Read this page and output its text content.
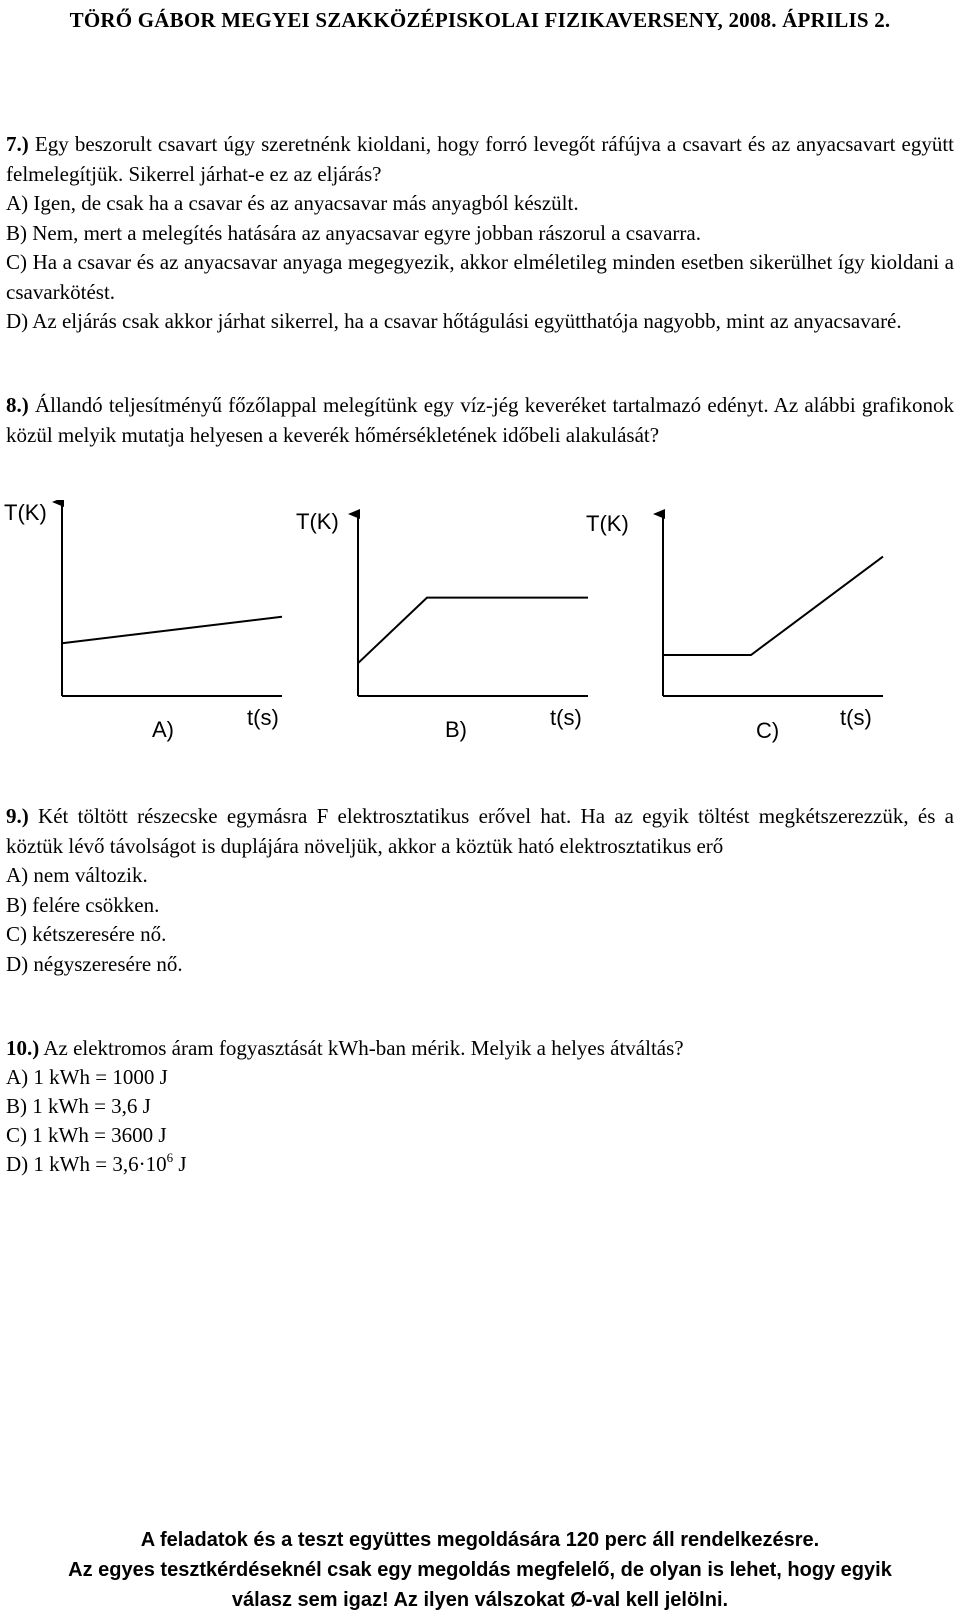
TÖRŐ GÁBOR MEGYEI SZAKKÖZÉPISKOLAI FIZIKAVERSENY, 2008. ÁPRILIS 2.
7.) Egy beszorult csavart úgy szeretnénk kioldani, hogy forró levegőt ráfújva a csavart és az anyacsavart együtt felmelegítjük. Sikerrel járhat-e ez az eljárás?
A) Igen, de csak ha a csavar és az anyacsavar más anyagból készült.
B) Nem, mert a melegítés hatására az anyacsavar egyre jobban rászorul a csavarra.
C) Ha a csavar és az anyacsavar anyaga megegyezik, akkor elméletileg minden esetben sikerülhet így kioldani a csavarkötést.
D) Az eljárás csak akkor járhat sikerrel, ha a csavar hőtágulási együtthatója nagyobb, mint az anyacsavaré.
8.) Állandó teljesítményű főzőlappal melegítünk egy víz-jég keveréket tartalmazó edényt. Az alábbi grafikonok közül melyik mutatja helyesen a keverék hőmérsékletének időbeli alakulását?
T(K)
t(s)
A)
T(K)
t(s)
B)
T(K)
t(s)
C)
9.) Két töltött részecske egymásra F elektrosztatikus erővel hat. Ha az egyik töltést megkétszerezzük, és a köztük lévő távolságot is duplájára növeljük, akkor a köztük ható elektrosztatikus erő
A) nem változik.
B) felére csökken.
C) kétszeresére nő.
D) négyszeresére nő.
10.) Az elektromos áram fogyasztását kWh-ban mérik. Melyik a helyes átváltás?
A) 1 kWh = 1000 J
B) 1 kWh = 3,6 J
C) 1 kWh = 3600 J
D) 1 kWh = $3,6\cdot 10^6$ J
A feladatok és a teszt együttes megoldására 120 perc áll rendelkezésre.
Az egyes tesztkérdéseknél csak egy megoldás megfelelő, de olyan is lehet, hogy egyik
válasz sem igaz! Az ilyen válszokat Ø-val kell jelölni.
